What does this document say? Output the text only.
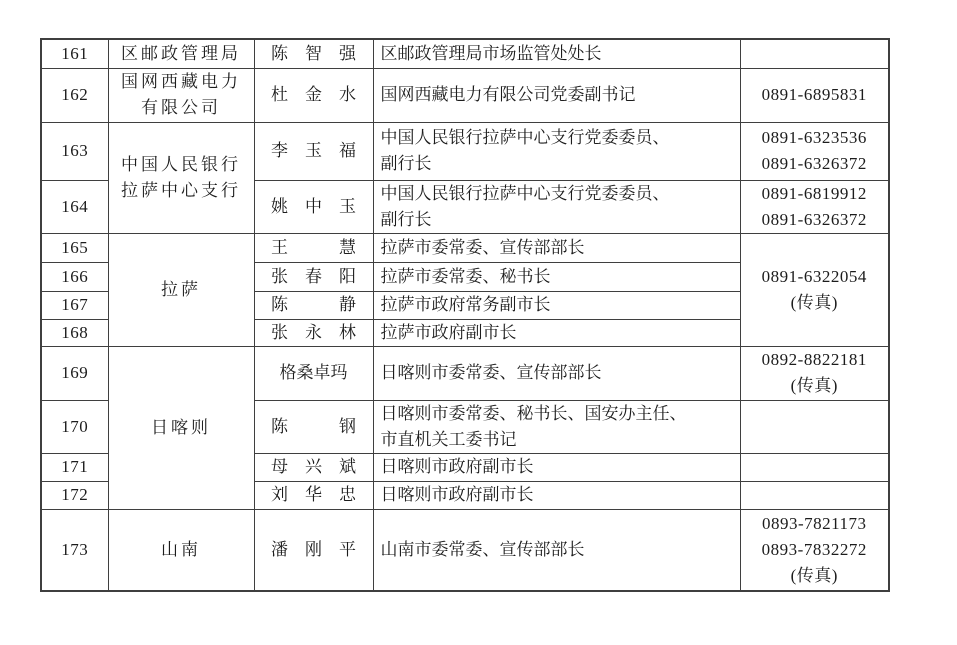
161	区邮政管理局	陈　智　强	区邮政管理局市场监管处处长	

162	国网西藏电力
有限公司	杜　金　水	国网西藏电力有限公司党委副书记	0891-6895831

163	中国人民银行
拉萨中心支行	李　玉　福	中国人民银行拉萨中心支行党委委员、
副行长	0891-6323536
0891-6326372

164		姚　中　玉	中国人民银行拉萨中心支行党委委员、
副行长	0891-6819912
0891-6326372

165	拉萨	王　　　慧	拉萨市委常委、宣传部部长	0891-6322054
(传真)

166		张　春　阳	拉萨市委常委、秘书长	

167		陈　　　静	拉萨市政府常务副市长	

168		张　永　林	拉萨市政府副市长	

169	日喀则	格桑卓玛	日喀则市委常委、宣传部部长	0892-8822181
(传真)

170		陈　　　钢	日喀则市委常委、秘书长、国安办主任、
市直机关工委书记	

171		母　兴　斌	日喀则市政府副市长	

172		刘　华　忠	日喀则市政府副市长	

173	山南	潘　刚　平	山南市委常委、宣传部部长	0893-7821173
0893-7832272
(传真)
